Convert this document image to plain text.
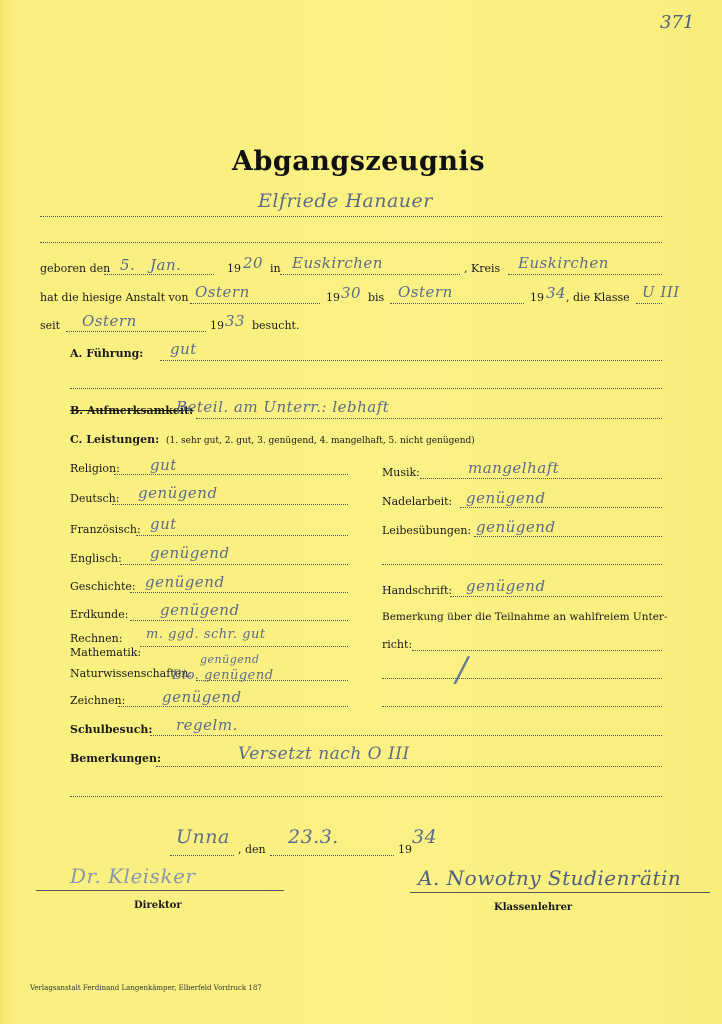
371
Abgangszeugnis
Elfriede Hanauer
geboren den 5. Jan.	19 20 in Euskirchen	, Kreis Euskirchen
hat die hiesige Anstalt von Ostern	19 30 bis Ostern	19 34 , die Klasse U III
seit Ostern	19 33 besucht.
A. Führung: gut
B. Aufmerksamkeit:
Beteil. am Unterr.: lebhaft
C. Leistungen: (1. sehr gut, 2. gut, 3. genügend, 4. mangelhaft, 5. nicht genügend)
Religion: gut
Deutsch: genügend
Französisch: gut
Englisch: genügend
Geschichte: genügend
Erdkunde: genügend
Rechnen: m. ggd. schr. gut
Mathematik:
genügend
Naturwissenschaften:
Bio. genügend
Zeichnen: genügend
Musik:	mangelhaft
Nadelarbeit: genügend
Leibesübungen: genügend
Handschrift: genügend
Bemerkung über die Teilnahme an wahlfreiem Unter-
richt:
/
Schulbesuch: regelm.
Bemerkungen:	Versetzt nach O III
Unna
, den
23.3.
19
34
Dr. Kleisker
Direktor
A. Nowotny Studienrätin
Klassenlehrer
Verlagsanstalt Ferdinand Langenkämper, Elberfeld Vordruck 187
